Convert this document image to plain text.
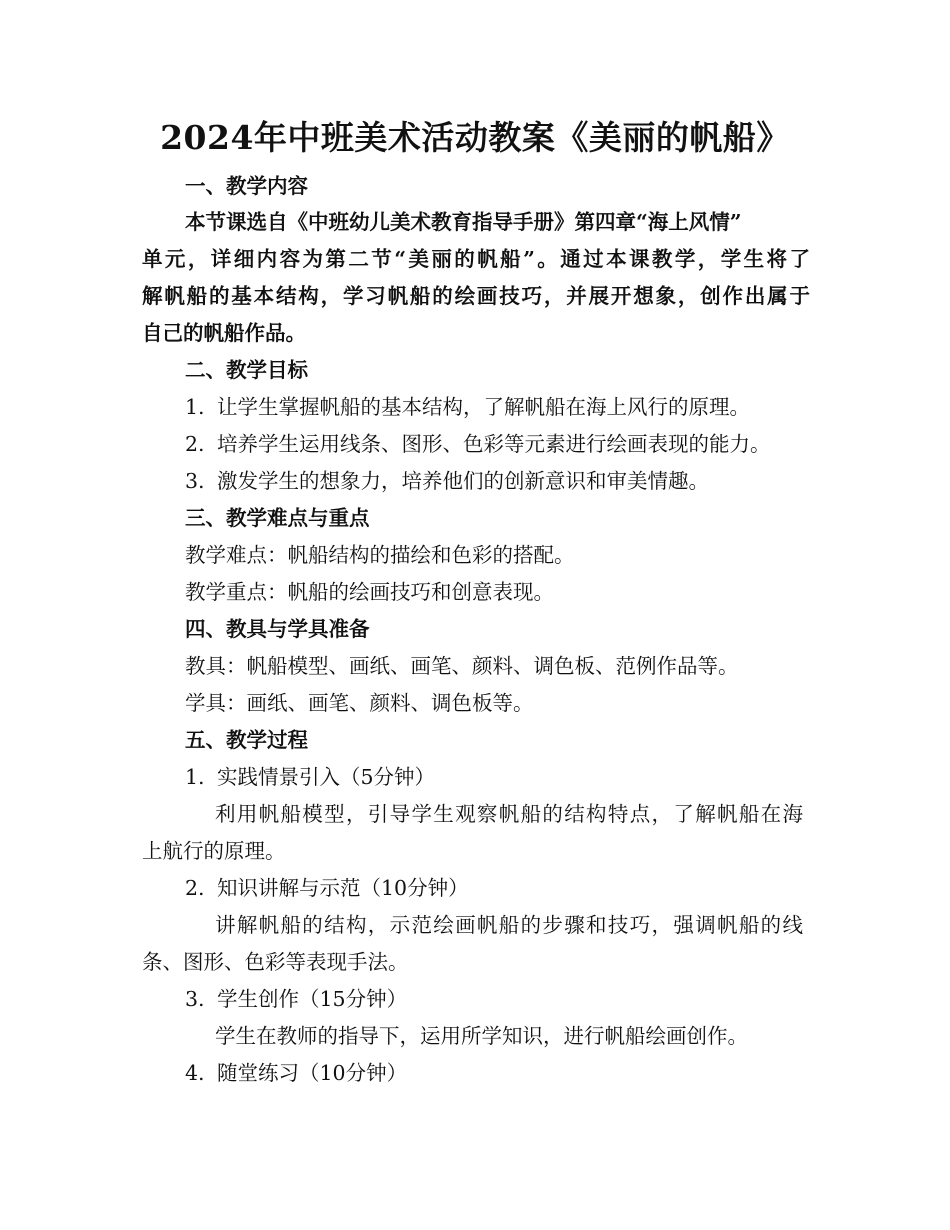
2024年中班美术活动教案《美丽的帆船》
一、教学内容
本节课选自《中班幼儿美术教育指导手册》第四章“海上风情”
单元，详细内容为第二节“美丽的帆船”。通过本课教学，学生将了
解帆船的基本结构，学习帆船的绘画技巧，并展开想象，创作出属于
自己的帆船作品。
二、教学目标
1. 让学生掌握帆船的基本结构，了解帆船在海上风行的原理。
2. 培养学生运用线条、图形、色彩等元素进行绘画表现的能力。
3. 激发学生的想象力，培养他们的创新意识和审美情趣。
三、教学难点与重点
教学难点：帆船结构的描绘和色彩的搭配。
教学重点：帆船的绘画技巧和创意表现。
四、教具与学具准备
教具：帆船模型、画纸、画笔、颜料、调色板、范例作品等。
学具：画纸、画笔、颜料、调色板等。
五、教学过程
1. 实践情景引入（5分钟）
利用帆船模型，引导学生观察帆船的结构特点，了解帆船在海
上航行的原理。
2. 知识讲解与示范（10分钟）
讲解帆船的结构，示范绘画帆船的步骤和技巧，强调帆船的线
条、图形、色彩等表现手法。
3. 学生创作（15分钟）
学生在教师的指导下，运用所学知识，进行帆船绘画创作。
4. 随堂练习（10分钟）
